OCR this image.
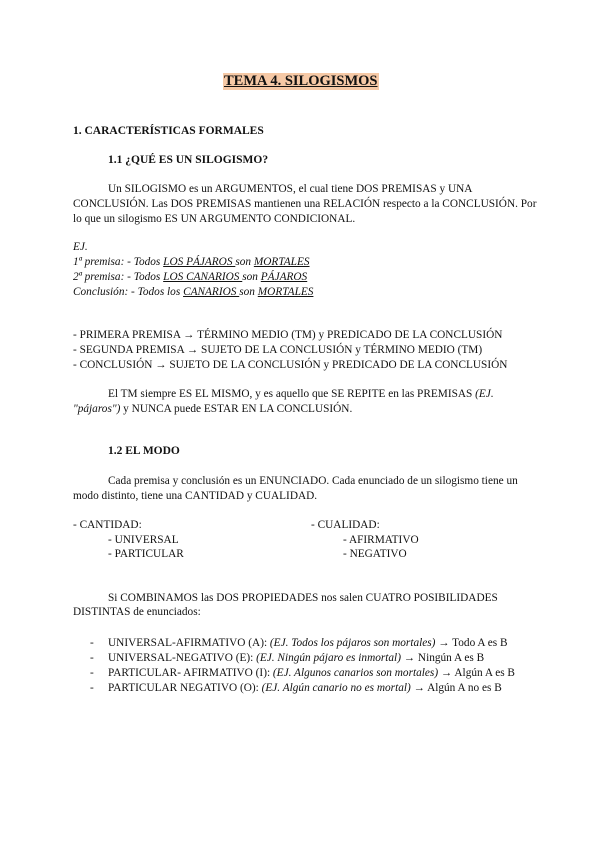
TEMA 4. SILOGISMOS
1. CARACTERÍSTICAS FORMALES
1.1 ¿QUÉ ES UN SILOGISMO?
Un SILOGISMO es un ARGUMENTOS, el cual tiene DOS PREMISAS y UNA
CONCLUSIÓN. Las DOS PREMISAS mantienen una RELACIÓN respecto a la CONCLUSIÓN. Por
lo que un silogismo ES UN ARGUMENTO CONDICIONAL.
EJ.
1ª premisa: - Todos LOS PÁJAROS son MORTALES
2ª premisa: - Todos LOS CANARIOS son PÁJAROS
Conclusión: - Todos los CANARIOS son MORTALES
- PRIMERA PREMISA → TÉRMINO MEDIO (TM) y PREDICADO DE LA CONCLUSIÓN
- SEGUNDA PREMISA → SUJETO DE LA CONCLUSIÓN y TÉRMINO MEDIO (TM)
- CONCLUSIÓN → SUJETO DE LA CONCLUSIÓN y PREDICADO DE LA CONCLUSIÓN
El TM siempre ES EL MISMO, y es aquello que SE REPITE en las PREMISAS (EJ.
"pájaros") y NUNCA puede ESTAR EN LA CONCLUSIÓN.
1.2 EL MODO
Cada premisa y conclusión es un ENUNCIADO. Cada enunciado de un silogismo tiene un
modo distinto, tiene una CANTIDAD y CUALIDAD.
- CANTIDAD:
- UNIVERSAL
- PARTICULAR
- CUALIDAD:
- AFIRMATIVO
- NEGATIVO
Si COMBINAMOS las DOS PROPIEDADES nos salen CUATRO POSIBILIDADES
DISTINTAS de enunciados:
- UNIVERSAL-AFIRMATIVO (A): (EJ. Todos los pájaros son mortales) → Todo A es B
- UNIVERSAL-NEGATIVO (E): (EJ. Ningún pájaro es inmortal) → Ningún A es B
- PARTICULAR- AFIRMATIVO (I): (EJ. Algunos canarios son mortales) → Algún A es B
- PARTICULAR NEGATIVO (O): (EJ. Algún canario no es mortal) → Algún A no es B
